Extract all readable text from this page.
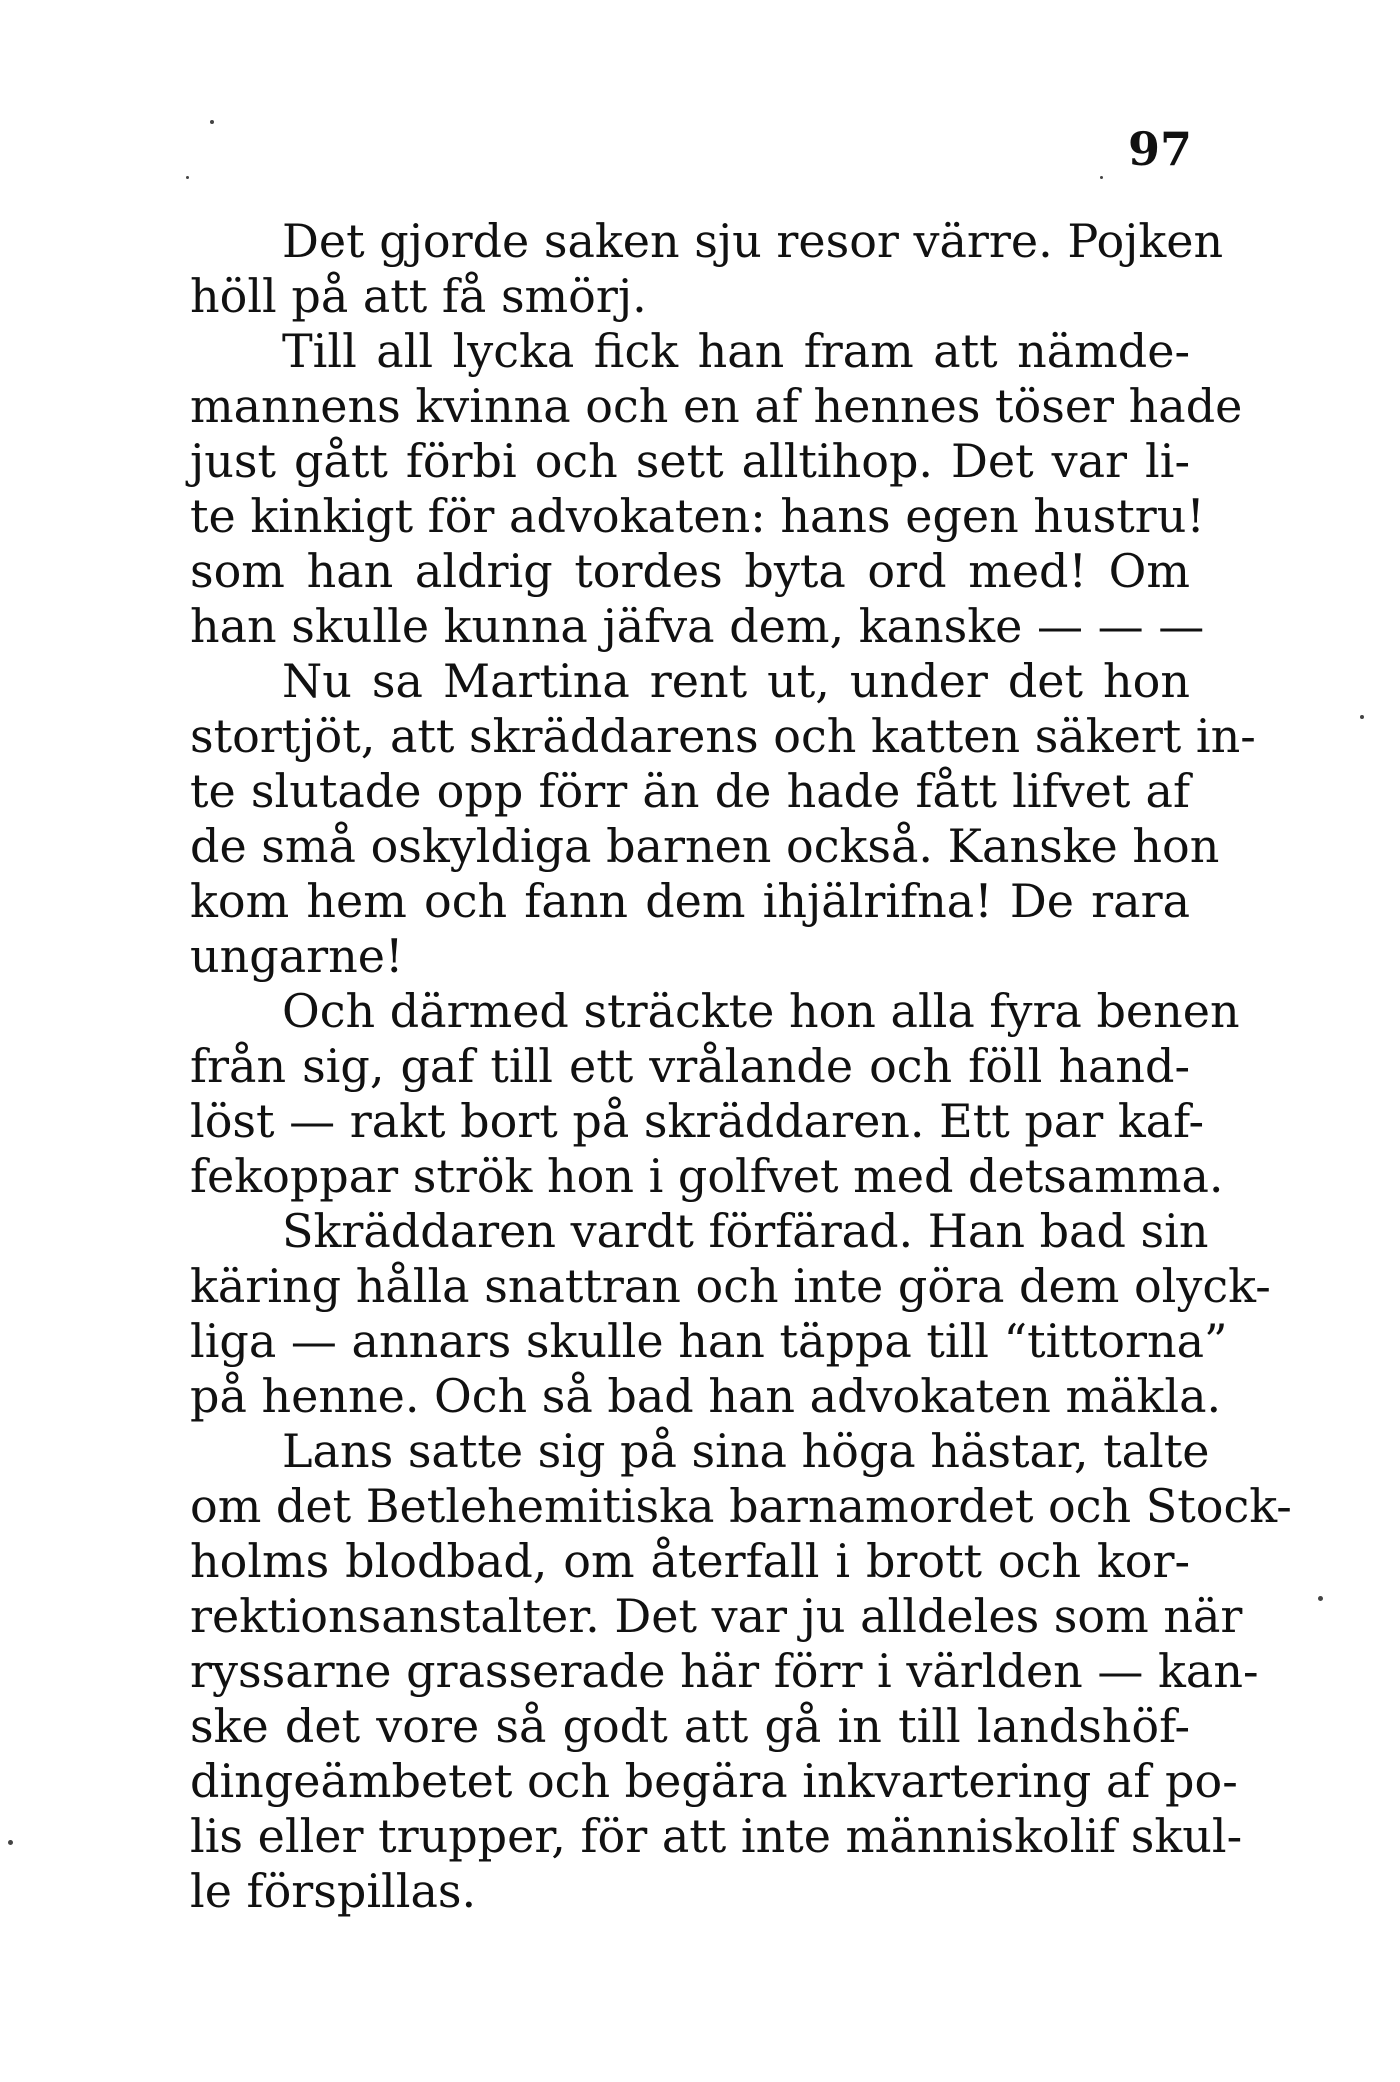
97
Det gjorde saken sju resor värre. Pojken
höll på att få smörj.
Till all lycka fick han fram att nämde-
mannens kvinna och en af hennes töser hade
just gått förbi och sett alltihop. Det var li-
te kinkigt för advokaten: hans egen hustru!
som han aldrig tordes byta ord med! Om
han skulle kunna jäfva dem, kanske — — —
Nu sa Martina rent ut, under det hon
stortjöt, att skräddarens och katten säkert in-
te slutade opp förr än de hade fått lifvet af
de små oskyldiga barnen också. Kanske hon
kom hem och fann dem ihjälrifna! De rara
ungarne!
Och därmed sträckte hon alla fyra benen
från sig, gaf till ett vrålande och föll hand-
löst — rakt bort på skräddaren. Ett par kaf-
fekoppar strök hon i golfvet med detsamma.
Skräddaren vardt förfärad. Han bad sin
käring hålla snattran och inte göra dem olyck-
liga — annars skulle han täppa till “tittorna”
på henne. Och så bad han advokaten mäkla.
Lans satte sig på sina höga hästar, talte
om det Betlehemitiska barnamordet och Stock-
holms blodbad, om återfall i brott och kor-
rektionsanstalter. Det var ju alldeles som när
ryssarne grasserade här förr i världen — kan-
ske det vore så godt att gå in till landshöf-
dingeämbetet och begära inkvartering af po-
lis eller trupper, för att inte människolif skul-
le förspillas.
